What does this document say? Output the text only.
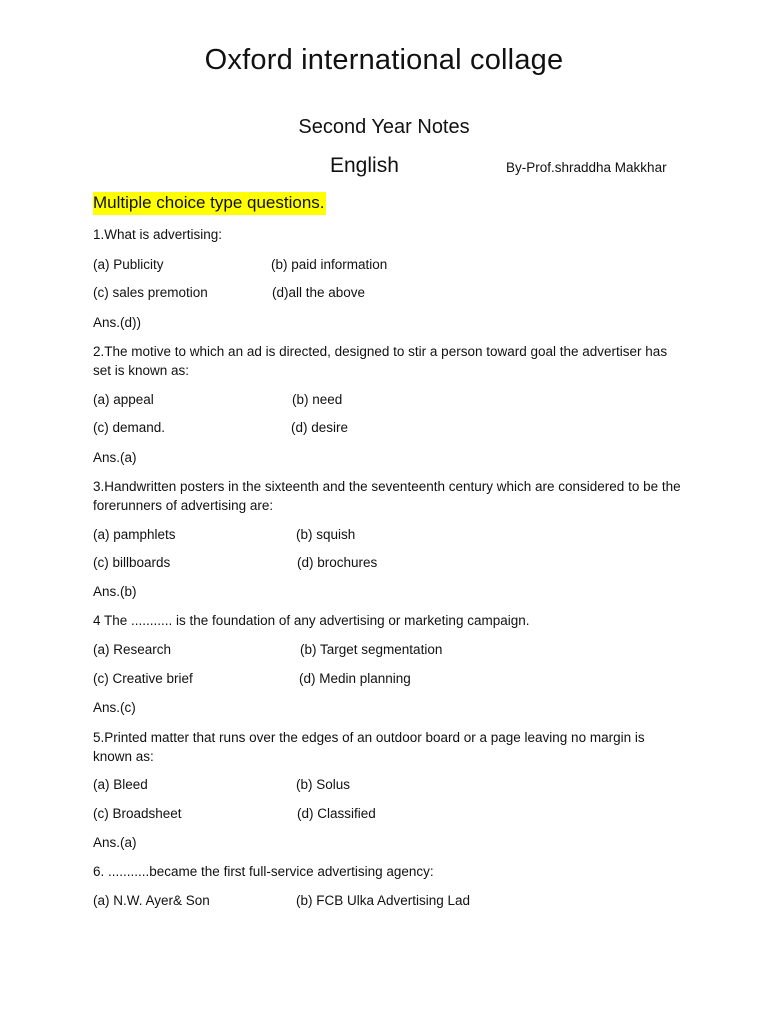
Oxford international collage
Second Year Notes
English	By-Prof.shraddha Makkhar
Multiple choice type questions.
1.What is advertising:
(a) Publicity	(b) paid information
(c) sales premotion	(d)all the above
Ans.(d))
2.The motive to which an ad is directed, designed to stir a person toward goal the advertiser has set is known as:
(a) appeal	(b) need
(c) demand.	(d) desire
Ans.(a)
3.Handwritten posters in the sixteenth and the seventeenth century which are considered to be the forerunners of advertising are:
(a) pamphlets	(b) squish
(c) billboards	(d) brochures
Ans.(b)
4 The ........... is the foundation of any advertising or marketing campaign.
(a) Research	(b) Target segmentation
(c) Creative brief	(d) Medin planning
Ans.(c)
5.Printed matter that runs over the edges of an outdoor board or a page leaving no margin is known as:
(a) Bleed	(b) Solus
(c) Broadsheet	(d) Classified
Ans.(a)
6. ...........became the first full-service advertising agency:
(a) N.W. Ayer& Son	(b) FCB Ulka Advertising Lad
